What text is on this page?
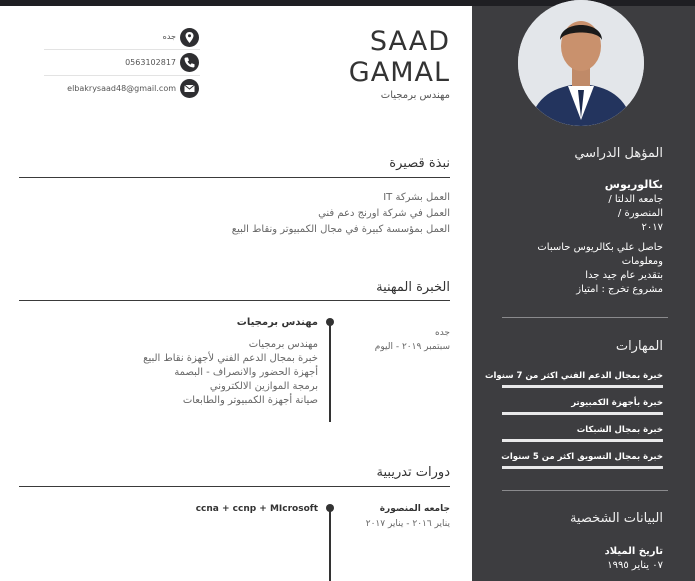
المؤهل الدراسي
بكالوريوس
جامعه الدلتا /
المنصورة /
٢٠١٧
حاصل علي بكالريوس حاسبات
ومعلومات
بتقدير عام جيد جدا
مشروع تخرج : امتياز
المهارات
خبرة بمجال الدعم الفني اكثر من 7 سنوات
خبرة بأجهزة الكمبيوتر
خبرة بمجال الشبكات
خبرة بمجال التسويق اكثر من 5 سنوات
البيانات الشخصية
تاريخ الميلاد
٠٧ يناير ١٩٩٥
SAAD
GAMAL
مهندس برمجيات
جده
0563102817
elbakrysaad48@gmail.com
نبذة قصيرة
العمل بشركة IT
العمل في شركة اورنج دعم فني
العمل بمؤسسة كبيرة في مجال الكمبيوتر ونقاط البيع
الخبرة المهنية
جده
سبتمبر ٢٠١٩ - اليوم
مهندس برمجيات
مهندس برمجيات
خبرة بمجال الدعم الفني لأجهزة نقاط البيع
أجهزة الحضور والانصراف - البصمة
برمجة الموازين الالكتروني
صيانة أجهزة الكمبيوتر والطابعات
دورات تدريبية
جامعه المنصورة
يناير ٢٠١٦ - يناير ٢٠١٧
ccna + ccnp + MIcrosoft
